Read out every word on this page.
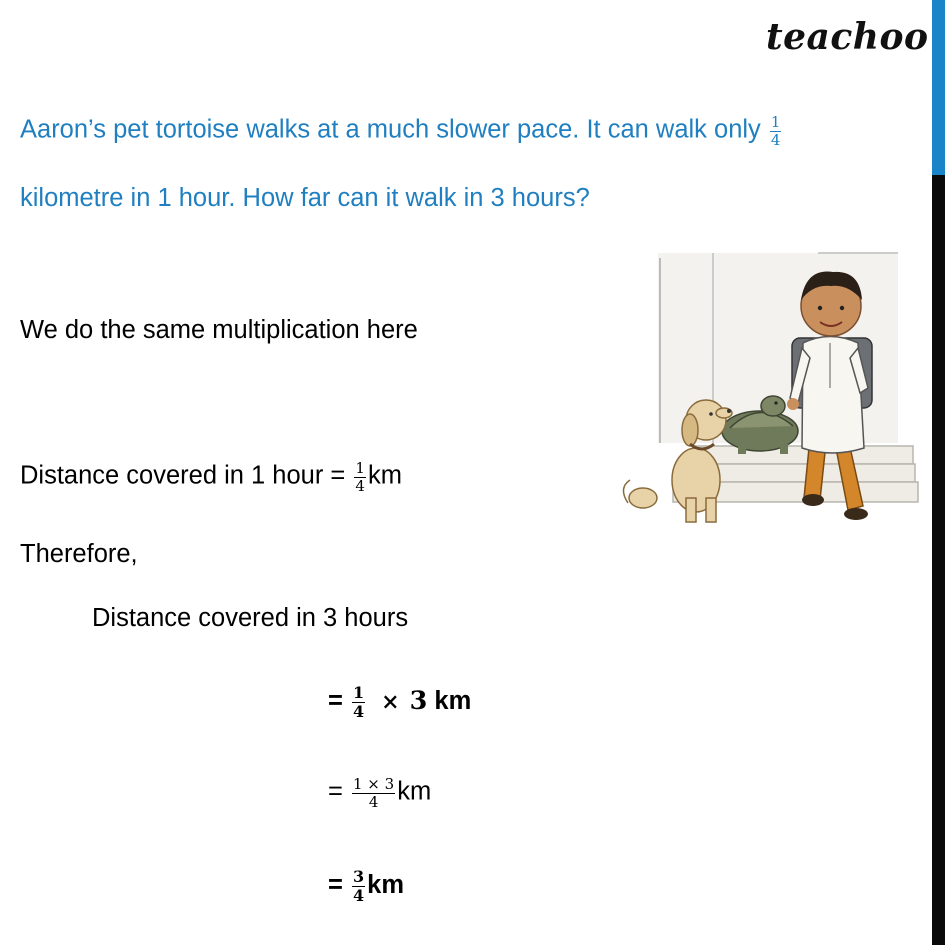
teachoo
Aaron’s pet tortoise walks at a much slower pace. It can walk only $\frac{1}{4}$
kilometre in 1 hour. How far can it walk in 3 hours?
We do the same multiplication here
Distance covered in 1 hour = $\frac{1}{4}$ km
Therefore,
Distance covered in 3 hours
= $\frac{1}{4} \times 3$ km
= $\frac{1 \times 3}{4}$ km
= $\frac{3}{4}$ km
